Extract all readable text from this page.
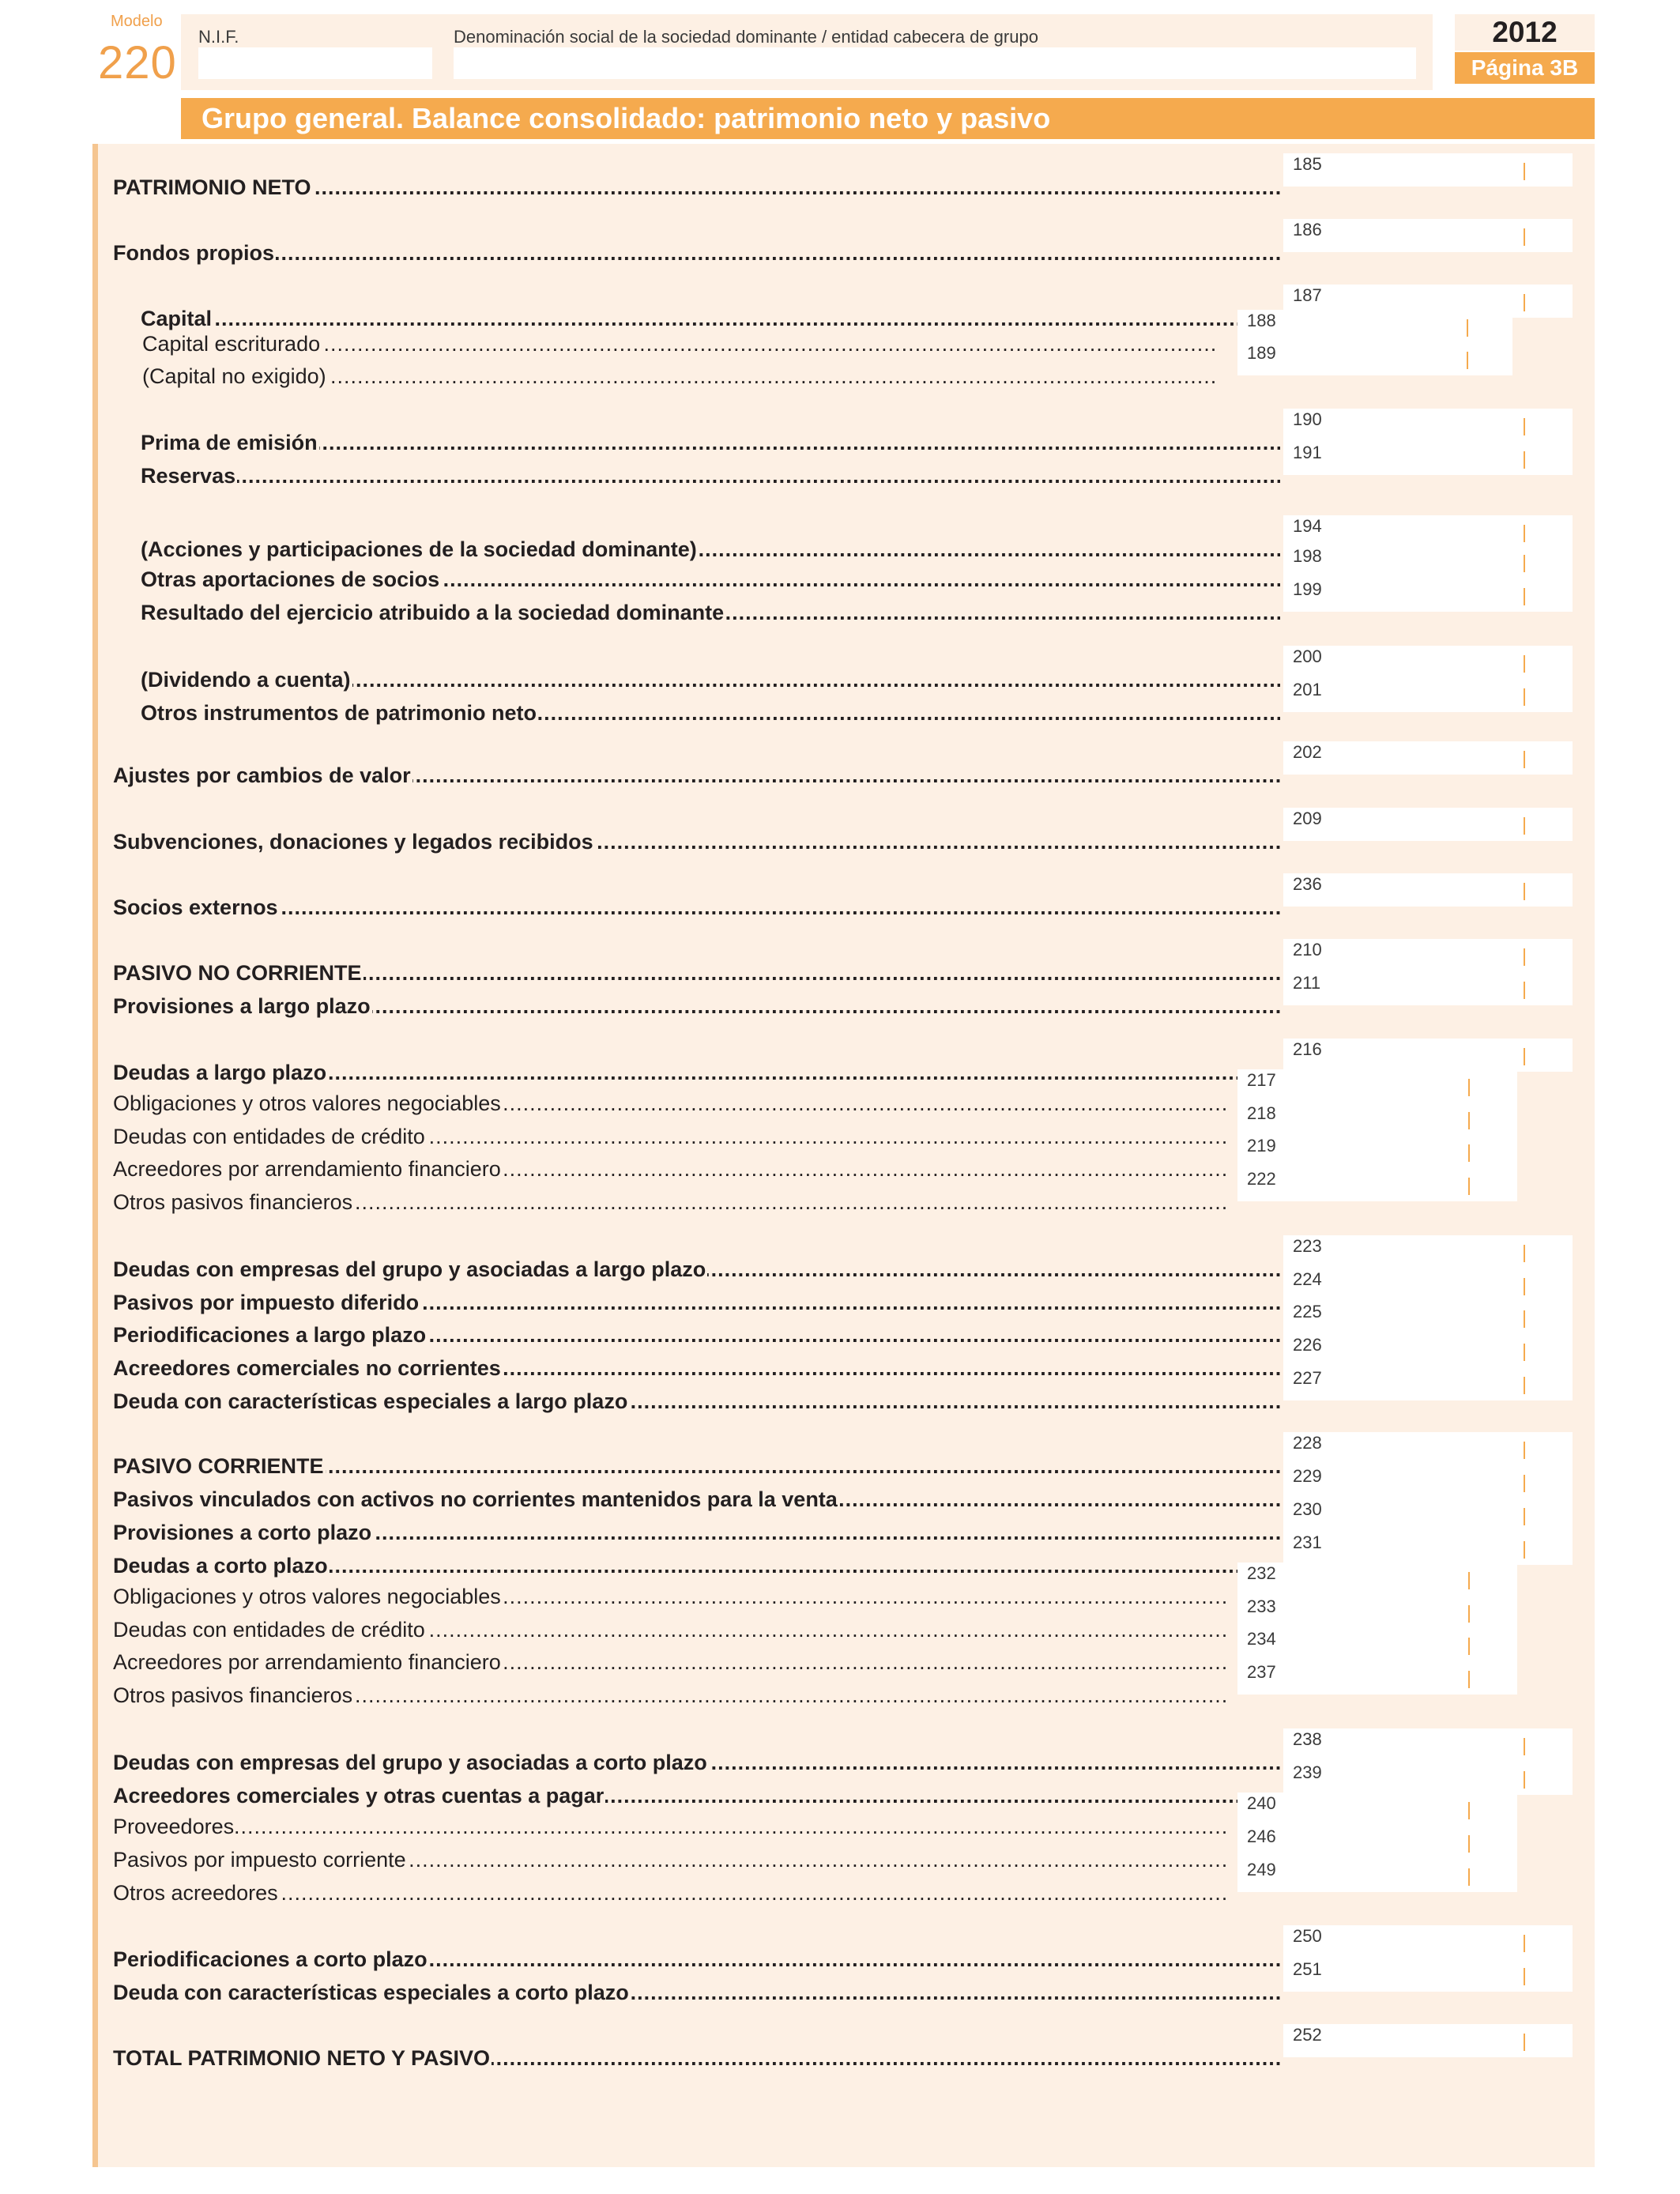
Modelo
220
N.I.F.	Denominación social de la sociedad dominante / entidad cabecera de grupo	2012
Página 3B
Grupo general. Balance consolidado: patrimonio neto y pasivo
PATRIMONIO NETO .....
185
Fondos propios .....
186
Capital .....
187
Capital escriturado .....
188
(Capital no exigido) .....
189
Prima de emisión .....
190
Reservas .....
191
(Acciones y participaciones de la sociedad dominante) .....
194
Otras aportaciones de socios .....
198
Resultado del ejercicio atribuido a la sociedad dominante .....
199
(Dividendo a cuenta) .....
200
Otros instrumentos de patrimonio neto .....
201
Ajustes por cambios de valor .....
202
Subvenciones, donaciones y legados recibidos .....
209
Socios externos .....
236
PASIVO NO CORRIENTE .....
210
Provisiones a largo plazo .....
211
Deudas a largo plazo .....
216
Obligaciones y otros valores negociables .....
217
Deudas con entidades de crédito .....
218
Acreedores por arrendamiento financiero .....
219
Otros pasivos financieros .....
222
Deudas con empresas del grupo y asociadas a largo plazo .....
223
Pasivos por impuesto diferido .....
224
Periodificaciones a largo plazo .....
225
Acreedores comerciales no corrientes .....
226
Deuda con características especiales a largo plazo .....
227
PASIVO CORRIENTE .....
228
Pasivos vinculados con activos no corrientes mantenidos para la venta .....
229
Provisiones a corto plazo .....
230
Deudas a corto plazo .....
231
Obligaciones y otros valores negociables .....
232
Deudas con entidades de crédito .....
233
Acreedores por arrendamiento financiero .....
234
Otros pasivos financieros .....
237
Deudas con empresas del grupo y asociadas a corto plazo .....
238
Acreedores comerciales y otras cuentas a pagar .....
239
Proveedores .....
240
Pasivos por impuesto corriente .....
246
Otros acreedores .....
249
Periodificaciones a corto plazo .....
250
Deuda con características especiales a corto plazo .....
251
TOTAL PATRIMONIO NETO Y PASIVO .....
252
